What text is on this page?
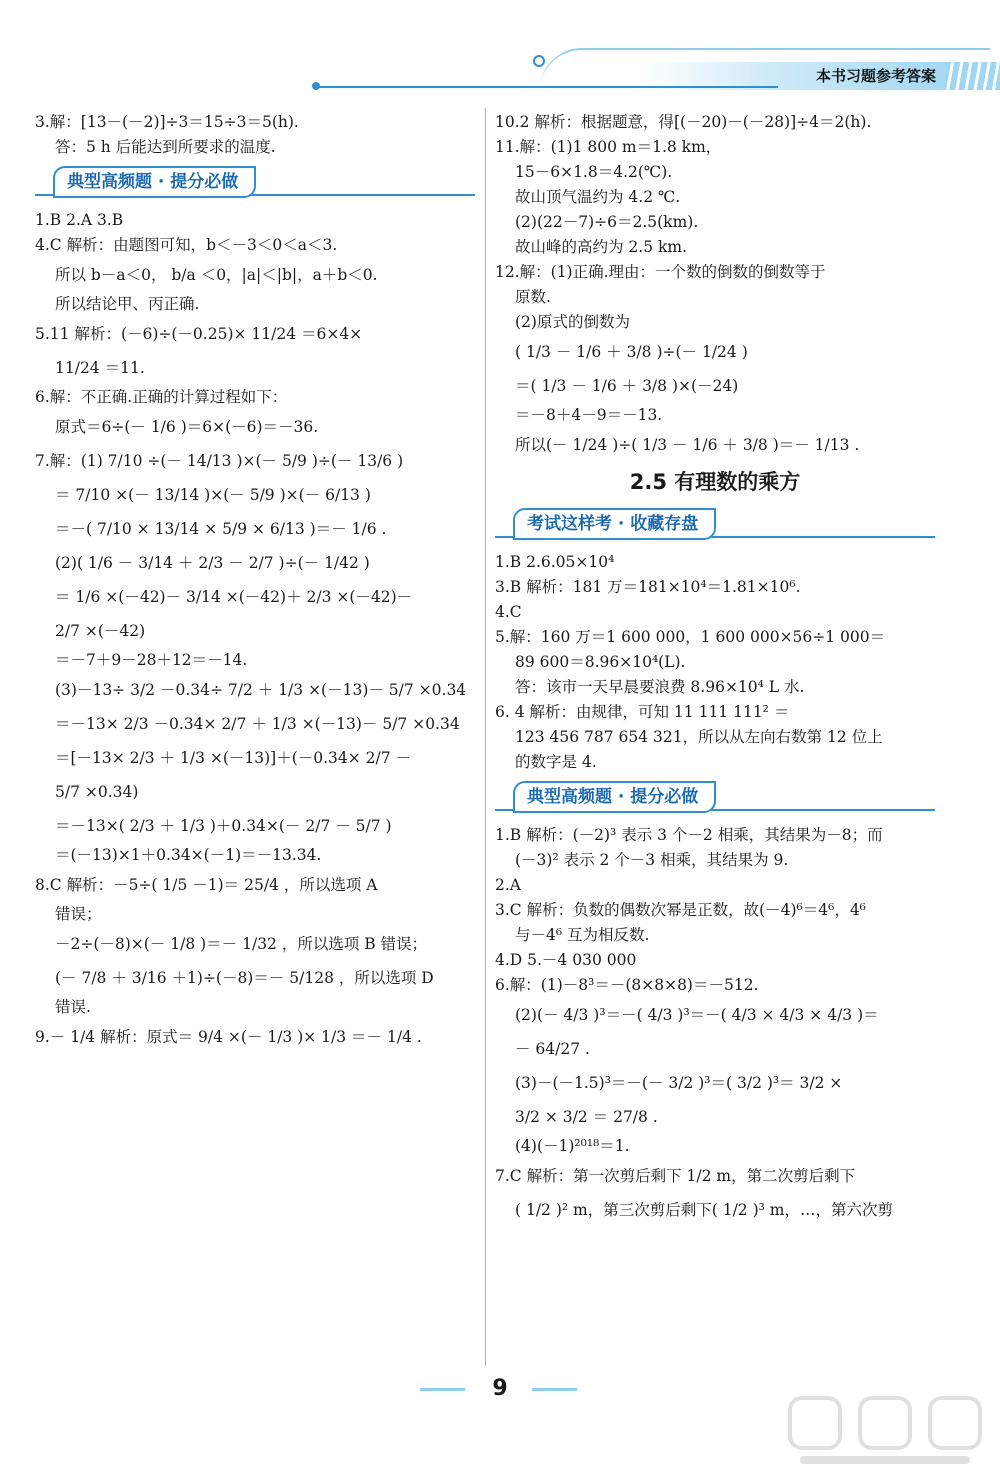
本书习题参考答案
3.解：[13－(－2)]÷3＝15÷3＝5(h).
答：5 h 后能达到所要求的温度.
典型高频题 · 提分必做
1.B 2.A 3.B
4.C 解析：由题图可知，b＜－3＜0＜a＜3.
所以 b－a＜0， b/a ＜0，|a|＜|b|，a＋b＜0.
所以结论甲、丙正确.
5.11 解析：(－6)÷(－0.25)× 11/24 ＝6×4×
11/24 ＝11.
6.解：不正确.正确的计算过程如下：
原式＝6÷(－ 1/6 )＝6×(－6)＝－36.
7.解：(1) 7/10 ÷(－ 14/13 )×(－ 5/9 )÷(－ 13/6 )
＝ 7/10 ×(－ 13/14 )×(－ 5/9 )×(－ 6/13 )
＝－( 7/10 × 13/14 × 5/9 × 6/13 )＝－ 1/6 .
(2)( 1/6 － 3/14 ＋ 2/3 － 2/7 )÷(－ 1/42 )
＝ 1/6 ×(－42)－ 3/14 ×(－42)＋ 2/3 ×(－42)－
2/7 ×(－42)
＝－7＋9－28＋12＝－14.
(3)－13÷ 3/2 －0.34÷ 7/2 ＋ 1/3 ×(－13)－ 5/7 ×0.34
＝－13× 2/3 －0.34× 2/7 ＋ 1/3 ×(－13)－ 5/7 ×0.34
＝[－13× 2/3 ＋ 1/3 ×(－13)]＋(－0.34× 2/7 －
5/7 ×0.34)
＝－13×( 2/3 ＋ 1/3 )＋0.34×(－ 2/7 － 5/7 )
＝(－13)×1＋0.34×(－1)＝－13.34.
8.C 解析：－5÷( 1/5 －1)＝ 25/4 ，所以选项 A
错误；
－2÷(－8)×(－ 1/8 )＝－ 1/32 ，所以选项 B 错误；
(－ 7/8 ＋ 3/16 ＋1)÷(－8)＝－ 5/128 ，所以选项 D
错误.
9.－ 1/4 解析：原式＝ 9/4 ×(－ 1/3 )× 1/3 ＝－ 1/4 .
10.2 解析：根据题意，得[(－20)－(－28)]÷4＝2(h).
11.解：(1)1 800 m＝1.8 km，
15－6×1.8＝4.2(℃).
故山顶气温约为 4.2 ℃.
(2)(22－7)÷6＝2.5(km).
故山峰的高约为 2.5 km.
12.解：(1)正确.理由：一个数的倒数的倒数等于
原数.
(2)原式的倒数为
( 1/3 － 1/6 ＋ 3/8 )÷(－ 1/24 )
＝( 1/3 － 1/6 ＋ 3/8 )×(－24)
＝－8＋4－9＝－13.
所以(－ 1/24 )÷( 1/3 － 1/6 ＋ 3/8 )＝－ 1/13 .
2.5 有理数的乘方
考试这样考 · 收藏存盘
1.B 2.6.05×10⁴
3.B 解析：181 万＝181×10⁴＝1.81×10⁶.
4.C
5.解：160 万＝1 600 000，1 600 000×56÷1 000＝
89 600＝8.96×10⁴(L).
答：该市一天早晨要浪费 8.96×10⁴ L 水.
6. 4 解析：由规律，可知 11 111 111² ＝
123 456 787 654 321，所以从左向右数第 12 位上
的数字是 4.
典型高频题 · 提分必做
1.B 解析：(－2)³ 表示 3 个－2 相乘，其结果为－8；而
(－3)² 表示 2 个－3 相乘，其结果为 9.
2.A
3.C 解析：负数的偶数次幂是正数，故(－4)⁶＝4⁶，4⁶
与－4⁶ 互为相反数.
4.D 5.－4 030 000
6.解：(1)－8³＝－(8×8×8)＝－512.
(2)(－ 4/3 )³＝－( 4/3 )³＝－( 4/3 × 4/3 × 4/3 )＝
－ 64/27 .
(3)－(－1.5)³＝－(－ 3/2 )³＝( 3/2 )³＝ 3/2 ×
3/2 × 3/2 ＝ 27/8 .
(4)(－1)²⁰¹⁸＝1.
7.C 解析：第一次剪后剩下 1/2 m，第二次剪后剩下
( 1/2 )² m，第三次剪后剩下( 1/2 )³ m，…，第六次剪
9
